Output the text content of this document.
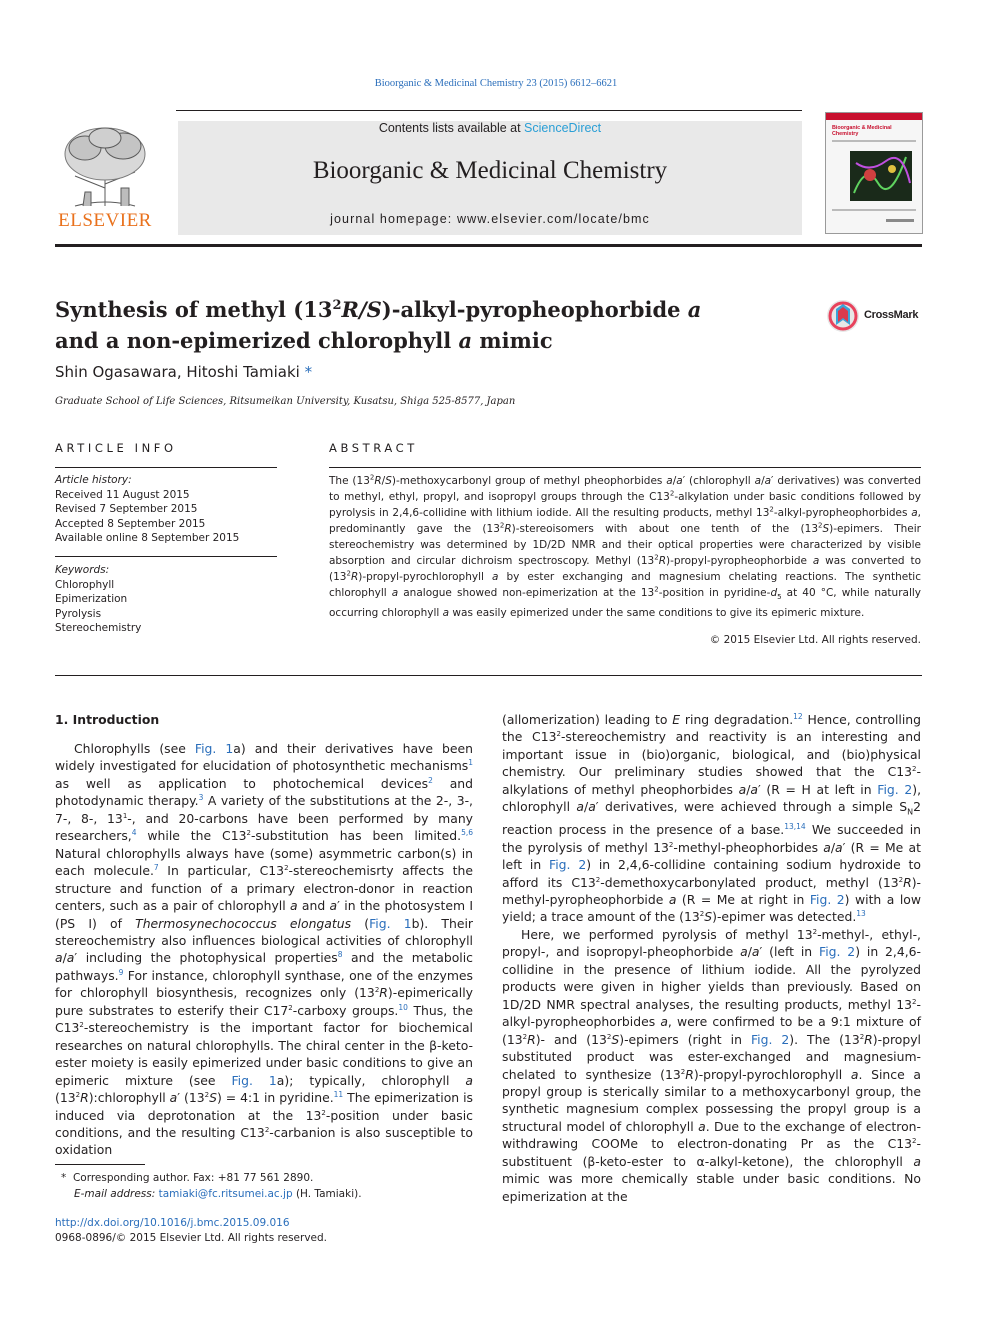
Bioorganic & Medicinal Chemistry 23 (2015) 6612–6621
ELSEVIER
Contents lists available at ScienceDirect
Bioorganic & Medicinal Chemistry
journal homepage: www.elsevier.com/locate/bmc
Bioorganic & Medicinal
Chemistry
Synthesis of methyl $(13^2R/S)-alkyl$-pyropheophorbide a
and a non-epimerized chlorophyll a mimic
CrossMark
Shin Ogasawara, Hitoshi Tamiaki *
Graduate School of Life Sciences, Ritsumeikan University, Kusatsu, Shiga 525-8577, Japan
ARTICLE INFO	ABSTRACT
Article history:
Received 11 August 2015
Revised 7 September 2015
Accepted 8 September 2015
Available online 8 September 2015
Keywords:
Chlorophyll
Epimerization
Pyrolysis
Stereochemistry
The $(13^2R/S)$-methoxycarbonyl group of methyl pheophorbides a/a′ (chlorophyll a/a′ derivatives) was converted to methyl, ethyl, propyl, and isopropyl groups through the $C13^2$-alkylation under basic conditions followed by pyrolysis in 2,4,6-collidine with lithium iodide. All the resulting products, methyl $13^2-alkyl$-pyropheophorbides a, predominantly gave the $(13^2R)$-stereoisomers with about one tenth of the $(13^2S)$-epimers. Their stereochemistry was determined by 1D/2D NMR and their optical properties were characterized by visible absorption and circular dichroism spectroscopy. Methyl $(13^2R)-propyl$-pyropheophorbide a was converted to $(13^2R)-propyl$-pyrochlorophyll a by ester exchanging and magnesium chelating reactions. The synthetic chlorophyll a analogue showed non-epimerization at the $13^2$-position in pyridine-$d_5$ at 40 °C, while naturally occurring chlorophyll a was easily epimerized under the same conditions to give its epimeric mixture.
© 2015 Elsevier Ltd. All rights reserved.
1. Introduction

Chlorophylls (see Fig. 1a) and their derivatives have been widely investigated for elucidation of photosynthetic mechanisms$^1$ as well as application to photochemical devices$^2$ and photodynamic therapy.$^3$ A variety of the substitutions at the 2-, 3-, 7-, 8-, $13^1-$, and 20-carbons have been performed by many researchers,$^4$ while the $C13^2$-substitution has been limited.$^{5,6}$ Natural chlorophylls always have (some) asymmetric carbon(s) in each molecule.$^7$ In particular, $C13^2$-stereochemisrty affects the structure and function of a primary electron-donor in reaction centers, such as a pair of chlorophyll a and a′ in the photosystem I (PS I) of Thermosynechococcus elongatus (Fig. 1b). Their stereochemistry also influences biological activities of chlorophyll a/a′ including the photophysical properties$^8$ and the metabolic pathways.$^9$ For instance, chlorophyll synthase, one of the enzymes for chlorophyll biosynthesis, recognizes only $(13^2R)$-epimerically pure substrates to esterify their $C17^2$-carboxy groups.$^{10}$ Thus, the $C13^2$-stereochemistry is the important factor for biochemical researches on natural chlorophylls. The chiral center in the β-keto-ester moiety is easily epimerized under basic conditions to give an epimeric mixture (see Fig. 1a); typically, chlorophyll a $(13^2R):chlorophyll$ a′ $(13^2S)$ = 4:1 in pyridine.$^{11}$ The epimerization is induced via deprotonation at the $13^2$-position under basic conditions, and the resulting $C13^2$-carbanion is also susceptible to oxidation

(allomerization) leading to E ring degradation.$^{12}$ Hence, controlling the $C13^2$-stereochemistry and reactivity is an interesting and important issue in (bio)organic, biological, and (bio)physical chemistry. Our preliminary studies showed that the $C13^2$-alkylations of methyl pheophorbides a/a′ (R = H at left in Fig. 2), chlorophyll a/a′ derivatives, were achieved through a simple $S_N2$ reaction process in the presence of a base.$^{13,14}$ We succeeded in the pyrolysis of methyl $13^2-methyl$-pheophorbides a/a′ (R = Me at left in Fig. 2) in 2,4,6-collidine containing sodium hydroxide to afford its $C13^2$-demethoxycarbonylated product, methyl $(13^2R)-methyl$-pyropheophorbide a (R = Me at right in Fig. 2) with a low yield; a trace amount of the $(13^2S)$-epimer was detected.$^{13}$

Here, we performed pyrolysis of methyl $13^2-methyl-$, ethyl-, propyl-, and isopropyl-pheophorbide a/a′ (left in Fig. 2) in 2,4,6-collidine in the presence of lithium iodide. All the pyrolyzed products were given in higher yields than previously. Based on 1D/2D NMR spectral analyses, the resulting products, methyl $13^2-alkyl$-pyropheophorbides a, were confirmed to be a 9:1 mixture of $(13^2R)-$ and $(13^2S)$-epimers (right in Fig. 2). The $(13^2R)$-propyl substituted product was ester-exchanged and magnesium-chelated to synthesize $(13^2R)-propyl$-pyrochlorophyll a. Since a propyl group is sterically similar to a methoxycarbonyl group, the synthetic magnesium complex possessing the propyl group is a structural model of chlorophyll a. Due to the exchange of electron-withdrawing COOMe to electron-donating Pr as the $C13^2$-substituent (β-keto-ester to α-alkyl-ketone), the chlorophyll a mimic was more chemically stable under basic conditions. No epimerization at the

*  Corresponding author. Fax: +81 77 561 2890.
E-mail address: tamiaki@fc.ritsumei.ac.jp (H. Tamiaki).
http://dx.doi.org/10.1016/j.bmc.2015.09.016
0968-0896/© 2015 Elsevier Ltd. All rights reserved.
